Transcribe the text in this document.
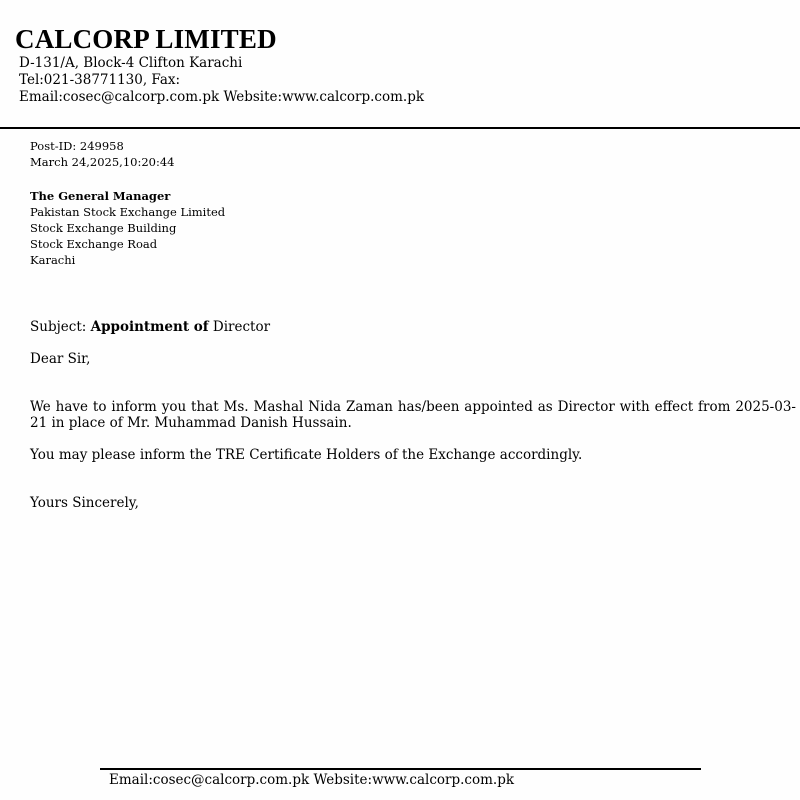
CALCORP LIMITED
D-131/A, Block-4 Clifton Karachi
Tel:021-38771130, Fax:
Email:cosec@calcorp.com.pk Website:www.calcorp.com.pk
Post-ID: 249958
March 24,2025,10:20:44
The General Manager
Pakistan Stock Exchange Limited
Stock Exchange Building
Stock Exchange Road
Karachi
Subject: Appointment of Director
Dear Sir,
We have to inform you that Ms. Mashal Nida Zaman has/been appointed as Director with effect from 2025-03-21 in place of Mr. Muhammad Danish Hussain.
You may please inform the TRE Certificate Holders of the Exchange accordingly.
Yours Sincerely,
Email:cosec@calcorp.com.pk Website:www.calcorp.com.pk
